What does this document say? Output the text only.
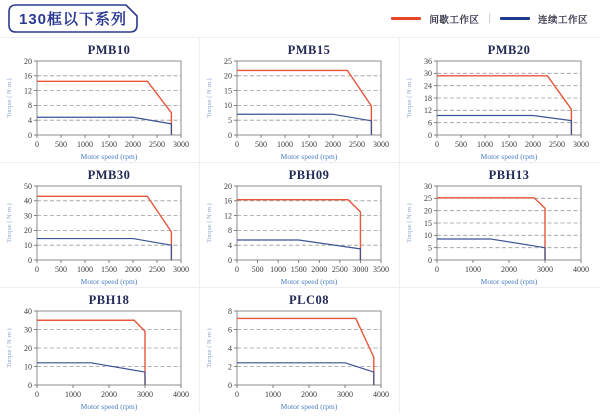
130框以下系列	间歇工作区 |	连续工作区
PMB10
0
4
8
12
16
20
0 500 1000 1500 2000 2500 3000
Motor speed (rpm)
Torque ( N·m )
PMB15
0
5
10
15
20
25
0 500 1000 1500 2000 2500 3000
Motor speed (rpm)
Torque ( N·m )
PMB20
0
6
12
18
24
30
36
0 500 1000 1500 2000 2500 3000
Motor speed (rpm)
Torque ( N·m )
PMB30
0
10
20
30
40
50
0 500 1000 1500 2000 2500 3000
Motor speed (rpm)
Torque ( N·m )
PBH09
0
4
8
12
16
20
0 500 1000 1500 2000 2500 3000 3500
Motor speed (rpm)
Torque ( N·m )
PBH13
0
5
10
15
20
25
30
0	1000	2000	3000	4000
Motor speed (rpm)
Torque ( N·m )
PBH18
0
10
20
30
40
0	1000	2000	3000	4000
Motor speed (rpm)
Torque ( N·m )
PLC08
0
2
4
6
8
0	1000	2000	3000	4000
Motor speed (rpm)
Torque ( N·m )
